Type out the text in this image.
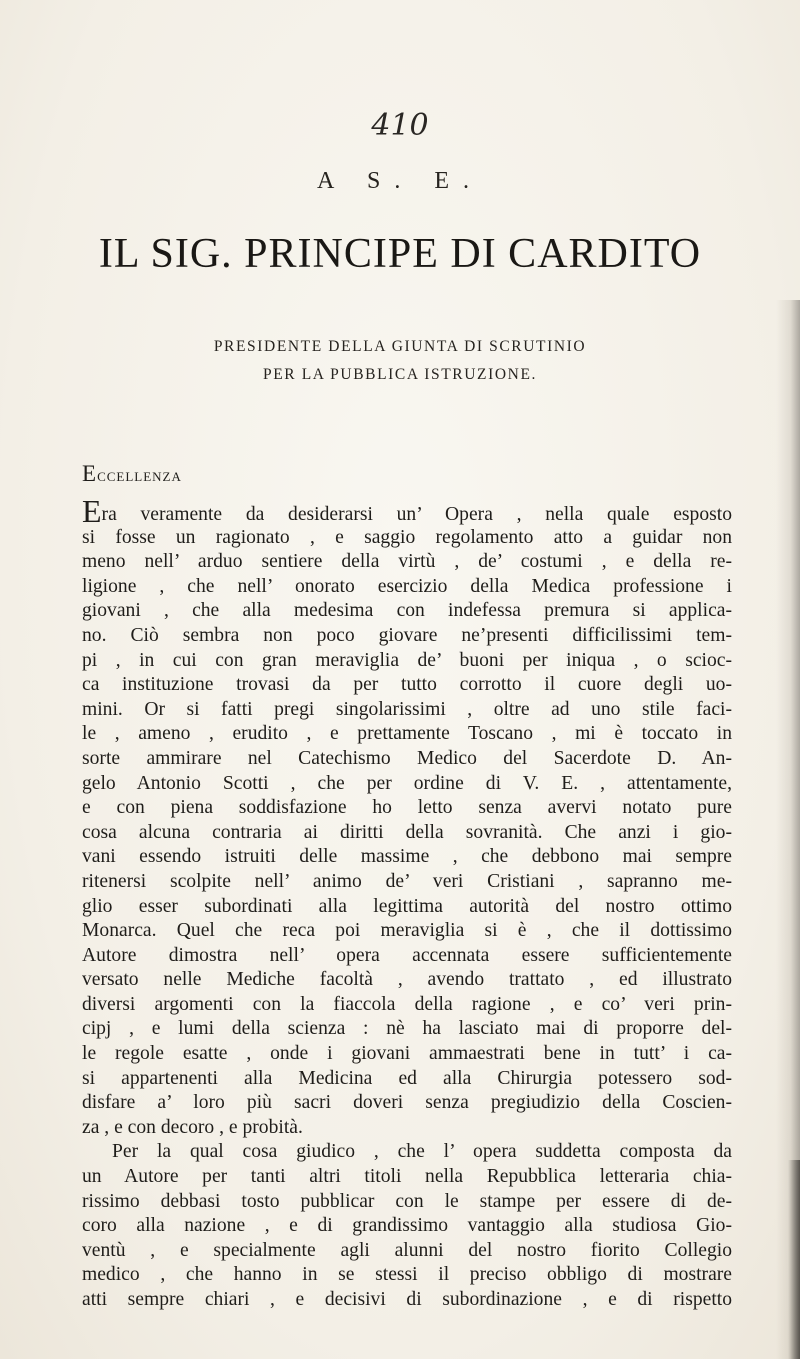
410
A S. E.
IL SIG. PRINCIPE DI CARDITO
PRESIDENTE DELLA GIUNTA DI SCRUTINIO
PER LA PUBBLICA ISTRUZIONE.
Eccellenza
Era veramente da desiderarsi un’ Opera , nella quale esposto
si fosse un ragionato , e saggio regolamento atto a guidar non
meno nell’ arduo sentiere della virtù , de’ costumi , e della re-
ligione , che nell’ onorato esercizio della Medica professione i
giovani , che alla medesima con indefessa premura si applica-
no. Ciò sembra non poco giovare ne’presenti difficilissimi tem-
pi , in cui con gran meraviglia de’ buoni per iniqua , o scioc-
ca instituzione trovasi da per tutto corrotto il cuore degli uo-
mini. Or si fatti pregi singolarissimi , oltre ad uno stile faci-
le , ameno , erudito , e prettamente Toscano , mi è toccato in
sorte ammirare nel Catechismo Medico del Sacerdote D. An-
gelo Antonio Scotti , che per ordine di V. E. , attentamente,
e con piena soddisfazione ho letto senza avervi notato pure
cosa alcuna contraria ai diritti della sovranità. Che anzi i gio-
vani essendo istruiti delle massime , che debbono mai sempre
ritenersi scolpite nell’ animo de’ veri Cristiani , sapranno me-
glio esser subordinati alla legittima autorità del nostro ottimo
Monarca. Quel che reca poi meraviglia si è , che il dottissimo
Autore dimostra nell’ opera accennata essere sufficientemente
versato nelle Mediche facoltà , avendo trattato , ed illustrato
diversi argomenti con la fiaccola della ragione , e co’ veri prin-
cipj , e lumi della scienza : nè ha lasciato mai di proporre del-
le regole esatte , onde i giovani ammaestrati bene in tutt’ i ca-
si appartenenti alla Medicina ed alla Chirurgia potessero sod-
disfare a’ loro più sacri doveri senza pregiudizio della Coscien-
za , e con decoro , e probità.
Per la qual cosa giudico , che l’ opera suddetta composta da
un Autore per tanti altri titoli nella Repubblica letteraria chia-
rissimo debbasi tosto pubblicar con le stampe per essere di de-
coro alla nazione , e di grandissimo vantaggio alla studiosa Gio-
ventù , e specialmente agli alunni del nostro fiorito Collegio
medico , che hanno in se stessi il preciso obbligo di mostrare
atti sempre chiari , e decisivi di subordinazione , e di rispetto
